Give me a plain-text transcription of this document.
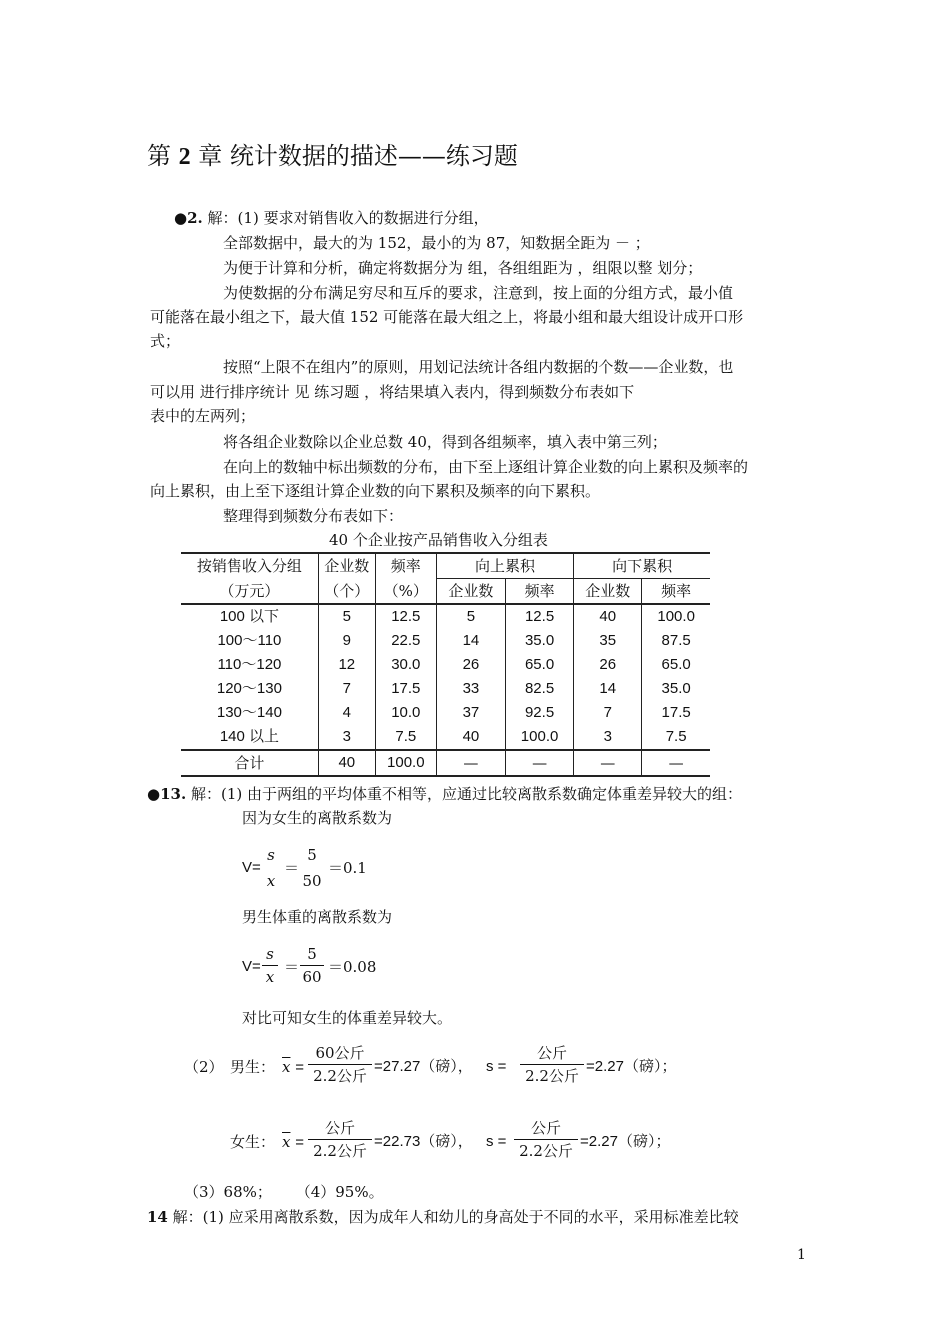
第 2 章 统计数据的描述——练习题
●2. 解：(1) 要求对销售收入的数据进行分组，
全部数据中，最大的为 152，最小的为 87，知数据全距为 － ；
为便于计算和分析，确定将数据分为 组，各组组距为 ，组限以整 划分；
为使数据的分布满足穷尽和互斥的要求，注意到，按上面的分组方式，最小值
可能落在最小组之下，最大值 152 可能落在最大组之上，将最小组和最大组设计成开口形
式；
按照“上限不在组内”的原则，用划记法统计各组内数据的个数——企业数，也
可以用 进行排序统计 见 练习题 ，将结果填入表内，得到频数分布表如下
表中的左两列；
将各组企业数除以企业总数 40，得到各组频率，填入表中第三列；
在向上的数轴中标出频数的分布，由下至上逐组计算企业数的向上累积及频率的
向上累积，由上至下逐组计算企业数的向下累积及频率的向下累积。
整理得到频数分布表如下：
40 个企业按产品销售收入分组表
按销售收入分组	企业数	频率	向上累积		向下累积	
（万元）	（个）	（%）	企业数	频率	企业数	频率
100 以下	5	12.5	5	12.5	40	100.0
100～110	9	22.5	14	35.0	35	87.5
110～120	12	30.0	26	65.0	26	65.0
120～130	7	17.5	33	82.5	14	35.0
130～140	4	10.0	37	92.5	7	17.5
140 以上	3	7.5	40	100.0	3	7.5
合计	40	100.0	—	—	—	—
●13. 解：(1) 由于两组的平均体重不相等，应通过比较离散系数确定体重差异较大的组：
因为女生的离散系数为
V=
s
x
＝
5
50
＝0.1
男生体重的离散系数为
V=
s
x
＝
5
60
＝0.08
对比可知女生的体重差异较大。
（2） 男生： $\overline{x}$ =
60公斤
2.2公斤
=27.27（磅）， s =
公斤
2.2公斤
=2.27（磅）；
女生： $\overline{x}$ =
公斤
2.2公斤
=22.73（磅）， s =
公斤
2.2公斤
=2.27（磅）；
（3）68%；     （4）95%。
14 解：(1) 应采用离散系数，因为成年人和幼儿的身高处于不同的水平，采用标准差比较
1
